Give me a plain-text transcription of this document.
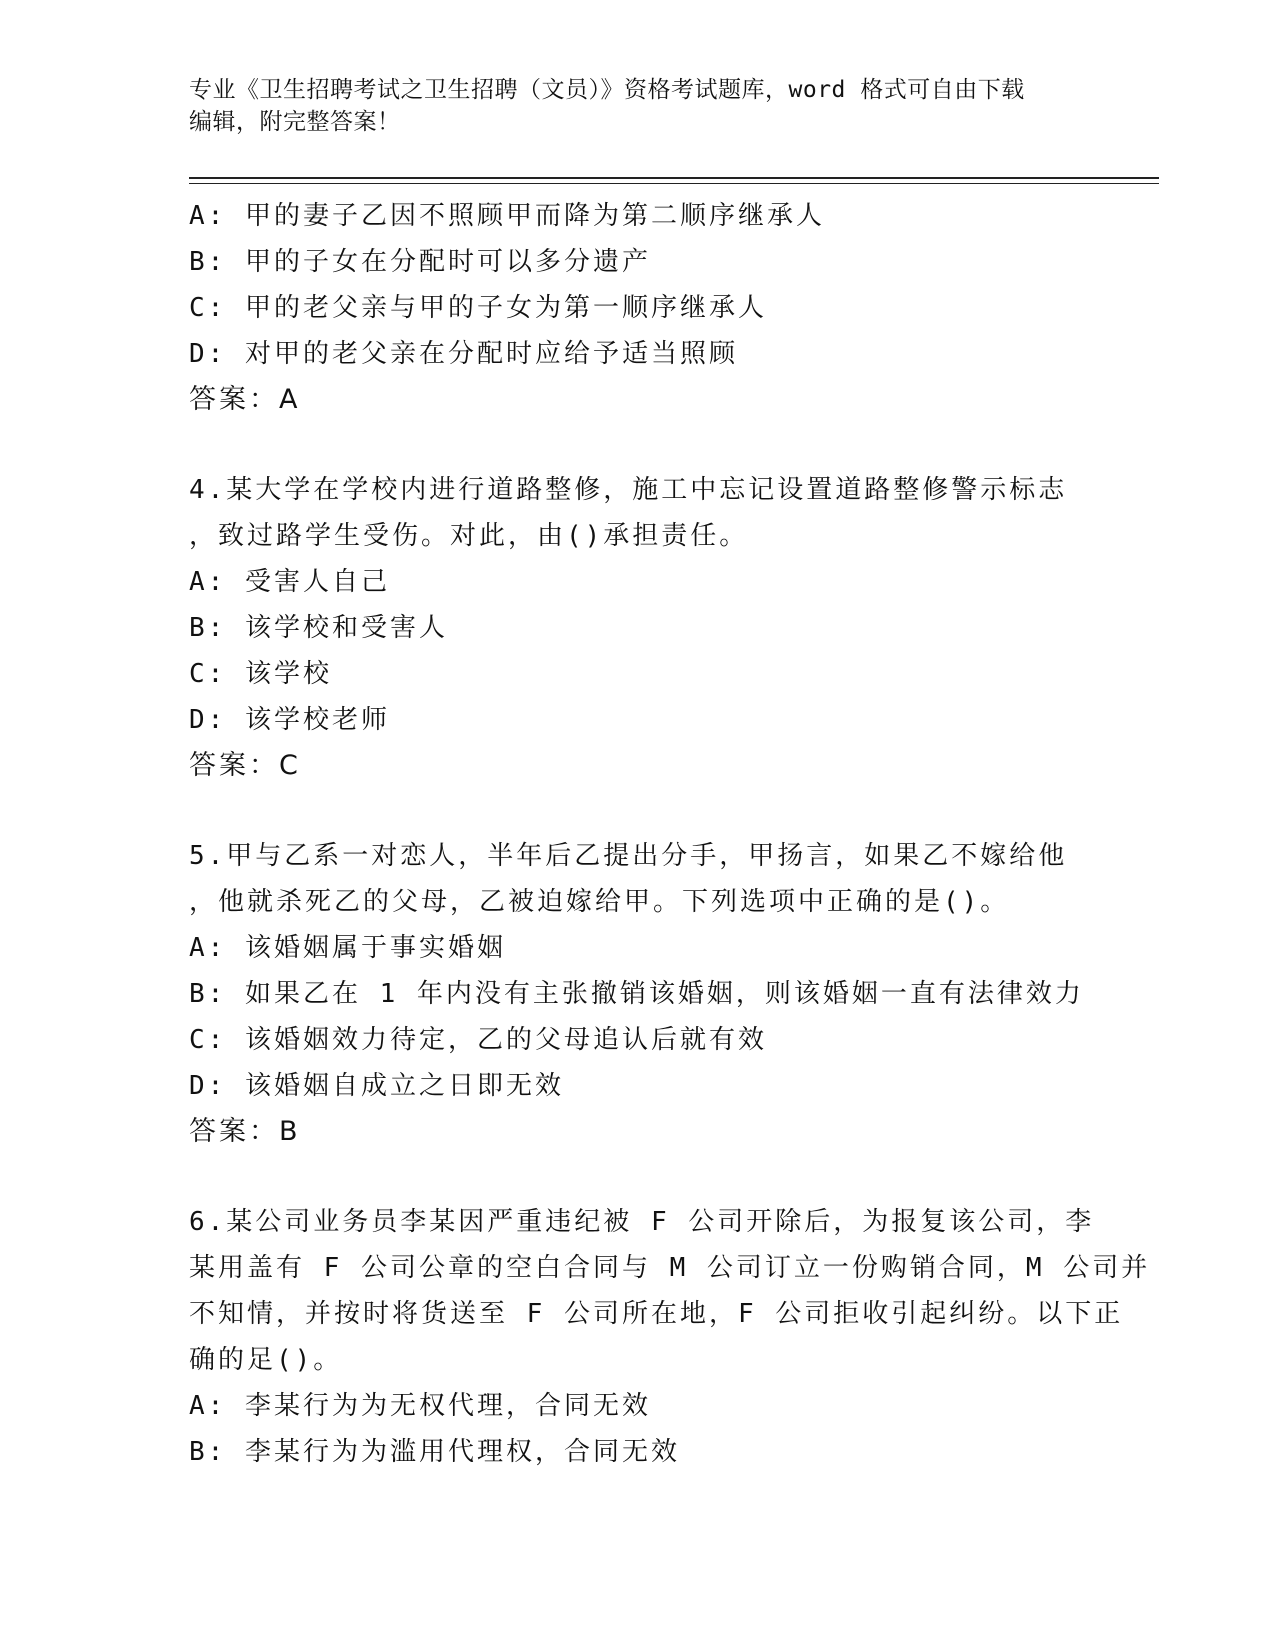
专业《卫生招聘考试之卫生招聘（文员）》资格考试题库，word 格式可自由下载
编辑，附完整答案！
A: 甲的妻子乙因不照顾甲而降为第二顺序继承人
B: 甲的子女在分配时可以多分遗产
C: 甲的老父亲与甲的子女为第一顺序继承人
D: 对甲的老父亲在分配时应给予适当照顾
答案：A
4.某大学在学校内进行道路整修，施工中忘记设置道路整修警示标志
，致过路学生受伤。对此，由()承担责任。
A: 受害人自己
B: 该学校和受害人
C: 该学校
D: 该学校老师
答案：C
5.甲与乙系一对恋人，半年后乙提出分手，甲扬言，如果乙不嫁给他
，他就杀死乙的父母，乙被迫嫁给甲。下列选项中正确的是()。
A: 该婚姻属于事实婚姻
B: 如果乙在 1 年内没有主张撤销该婚姻，则该婚姻一直有法律效力
C: 该婚姻效力待定，乙的父母追认后就有效
D: 该婚姻自成立之日即无效
答案：B
6.某公司业务员李某因严重违纪被 F 公司开除后，为报复该公司，李
某用盖有 F 公司公章的空白合同与 M 公司订立一份购销合同，M 公司并
不知情，并按时将货送至 F 公司所在地，F 公司拒收引起纠纷。以下正
确的足()。
A: 李某行为为无权代理，合同无效
B: 李某行为为滥用代理权，合同无效
